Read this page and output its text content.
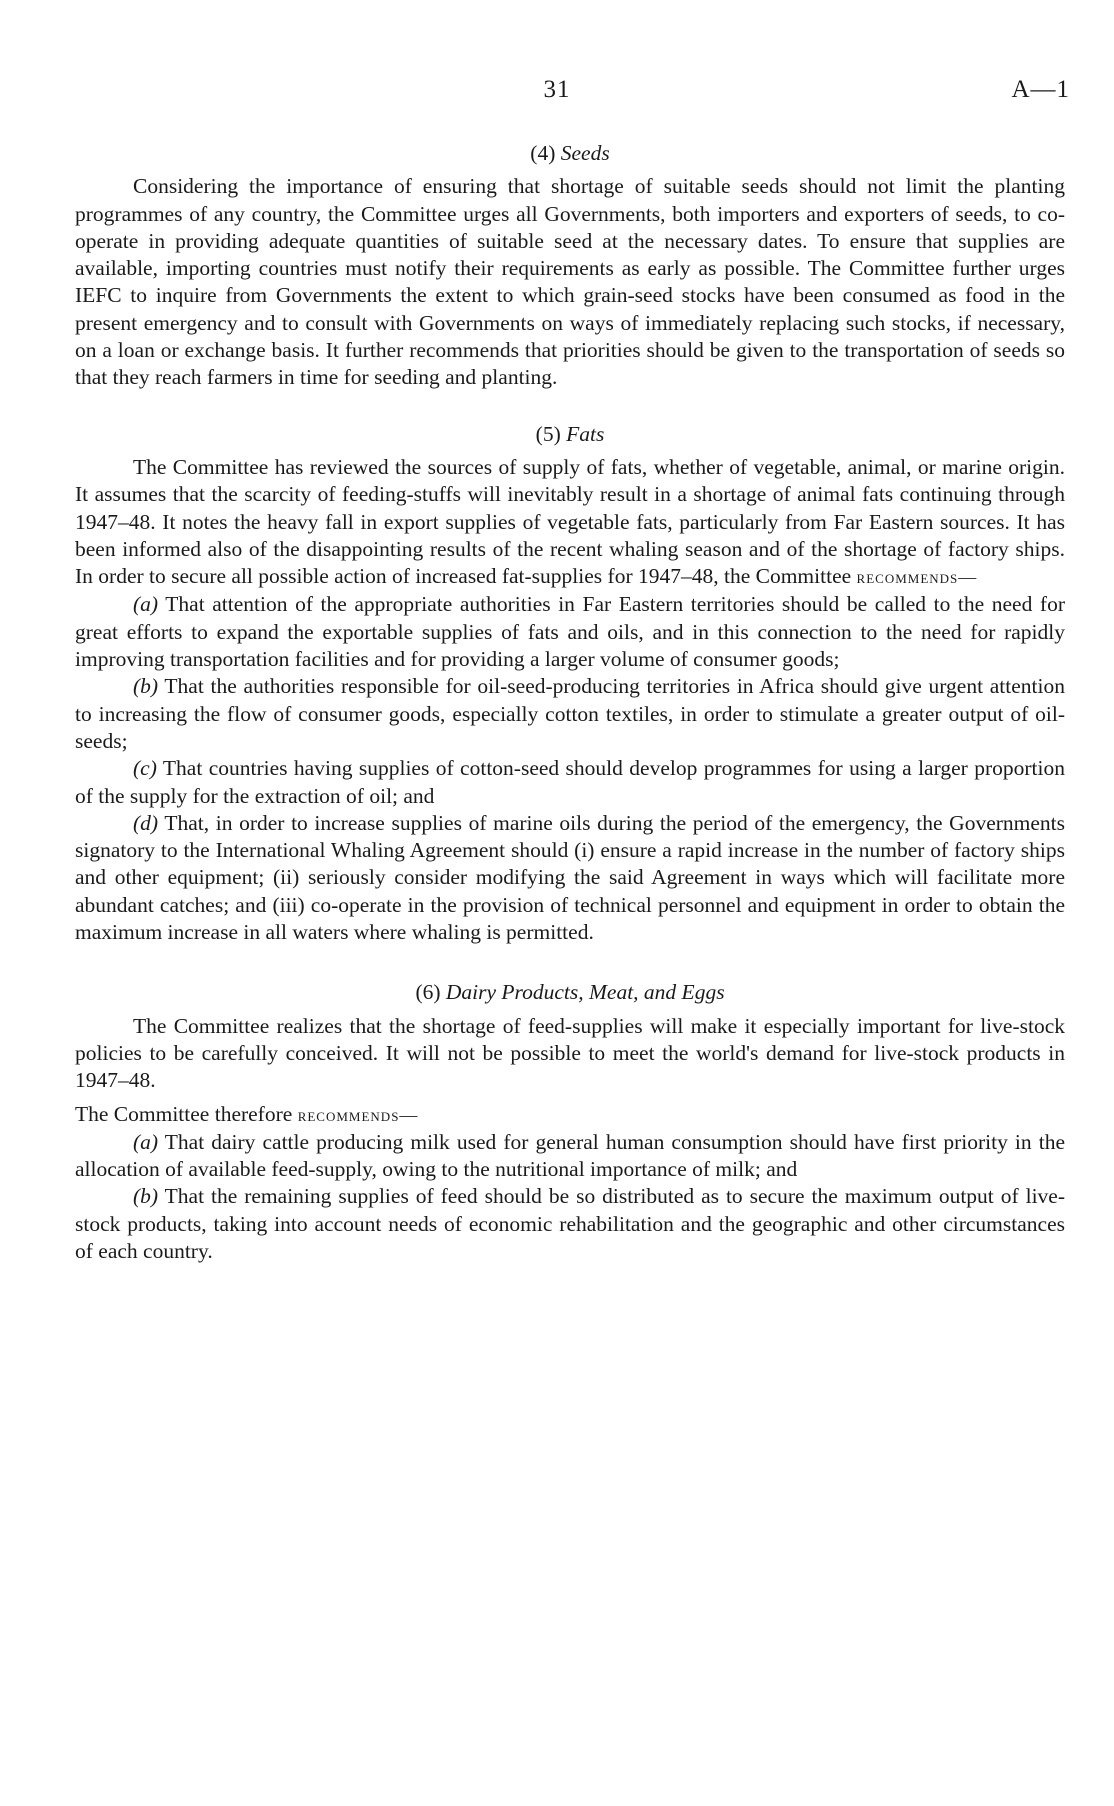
31	A—1
(4) Seeds

Considering the importance of ensuring that shortage of suitable seeds should not limit the planting programmes of any country, the Committee urges all Governments, both importers and exporters of seeds, to co-operate in providing adequate quantities of suitable seed at the necessary dates. To ensure that supplies are available, importing countries must notify their requirements as early as possible. The Committee further urges IEFC to inquire from Governments the extent to which grain-seed stocks have been consumed as food in the present emergency and to consult with Governments on ways of immediately replacing such stocks, if necessary, on a loan or exchange basis. It further recommends that priorities should be given to the transportation of seeds so that they reach farmers in time for seeding and planting.

(5) Fats

The Committee has reviewed the sources of supply of fats, whether of vegetable, animal, or marine origin. It assumes that the scarcity of feeding-stuffs will inevitably result in a shortage of animal fats continuing through 1947–48. It notes the heavy fall in export supplies of vegetable fats, particularly from Far Eastern sources. It has been informed also of the disappointing results of the recent whaling season and of the shortage of factory ships. In order to secure all possible action of increased fat-supplies for 1947–48, the Committee recommends—

(a) That attention of the appropriate authorities in Far Eastern territories should be called to the need for great efforts to expand the exportable supplies of fats and oils, and in this connection to the need for rapidly improving transportation facilities and for providing a larger volume of consumer goods;

(b) That the authorities responsible for oil-seed-producing territories in Africa should give urgent attention to increasing the flow of consumer goods, especially cotton textiles, in order to stimulate a greater output of oil-seeds;

(c) That countries having supplies of cotton-seed should develop programmes for using a larger proportion of the supply for the extraction of oil; and

(d) That, in order to increase supplies of marine oils during the period of the emergency, the Governments signatory to the International Whaling Agreement should (i) ensure a rapid increase in the number of factory ships and other equipment; (ii) seriously consider modifying the said Agreement in ways which will facilitate more abundant catches; and (iii) co-operate in the provision of technical personnel and equipment in order to obtain the maximum increase in all waters where whaling is permitted.

(6) Dairy Products, Meat, and Eggs

The Committee realizes that the shortage of feed-supplies will make it especially important for live-stock policies to be carefully conceived. It will not be possible to meet the world's demand for live-stock products in 1947–48.

The Committee therefore recommends—

(a) That dairy cattle producing milk used for general human consumption should have first priority in the allocation of available feed-supply, owing to the nutritional importance of milk; and

(b) That the remaining supplies of feed should be so distributed as to secure the maximum output of live-stock products, taking into account needs of economic rehabilitation and the geographic and other circumstances of each country.
